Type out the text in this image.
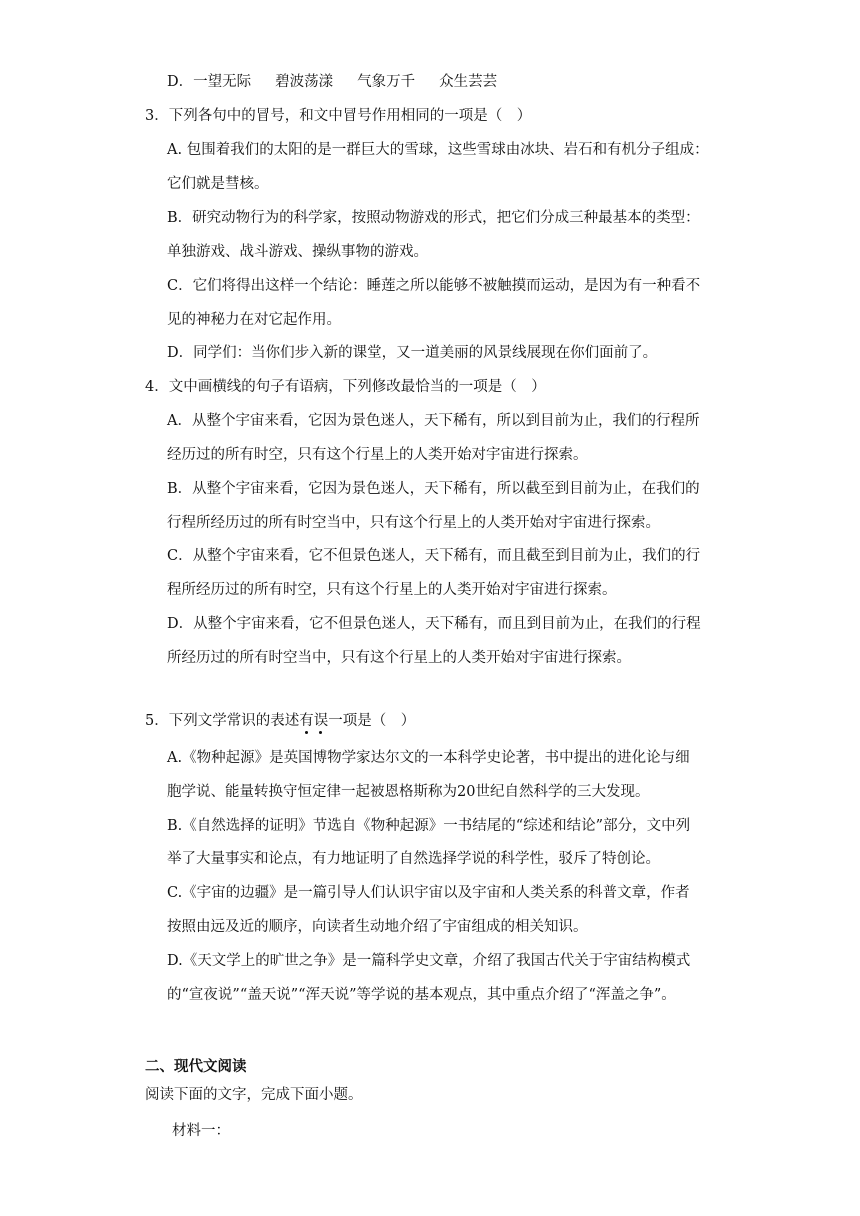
D．一望无际 碧波荡漾 气象万千 众生芸芸
3．下列各句中的冒号，和文中冒号作用相同的一项是（　）
A. 包围着我们的太阳的是一群巨大的雪球，这些雪球由冰块、岩石和有机分子组成：
它们就是彗核。
B．研究动物行为的科学家，按照动物游戏的形式，把它们分成三种最基本的类型：
单独游戏、战斗游戏、操纵事物的游戏。
C．它们将得出这样一个结论：睡莲之所以能够不被触摸而运动，是因为有一种看不
见的神秘力在对它起作用。
D．同学们：当你们步入新的课堂，又一道美丽的风景线展现在你们面前了。
4．文中画横线的句子有语病，下列修改最恰当的一项是（　）
A．从整个宇宙来看，它因为景色迷人，天下稀有，所以到目前为止，我们的行程所
经历过的所有时空，只有这个行星上的人类开始对宇宙进行探索。
B．从整个宇宙来看，它因为景色迷人，天下稀有，所以截至到目前为止，在我们的
行程所经历过的所有时空当中，只有这个行星上的人类开始对宇宙进行探索。
C．从整个宇宙来看，它不但景色迷人，天下稀有，而且截至到目前为止，我们的行
程所经历过的所有时空，只有这个行星上的人类开始对宇宙进行探索。
D．从整个宇宙来看，它不但景色迷人，天下稀有，而且到目前为止，在我们的行程
所经历过的所有时空当中，只有这个行星上的人类开始对宇宙进行探索。
5．下列文学常识的表述有误一项是（　）
A.《物种起源》是英国博物学家达尔文的一本科学史论著，书中提出的进化论与细
胞学说、能量转换守恒定律一起被恩格斯称为20世纪自然科学的三大发现。
B.《自然选择的证明》节选自《物种起源》一书结尾的“综述和结论”部分，文中列
举了大量事实和论点，有力地证明了自然选择学说的科学性，驳斥了特创论。
C.《宇宙的边疆》是一篇引导人们认识宇宙以及宇宙和人类关系的科普文章，作者
按照由远及近的顺序，向读者生动地介绍了宇宙组成的相关知识。
D.《天文学上的旷世之争》是一篇科学史文章，介绍了我国古代关于宇宙结构模式
的“宣夜说”“盖天说”“浑天说”等学说的基本观点，其中重点介绍了“浑盖之争”。
二、现代文阅读
阅读下面的文字，完成下面小题。
材料一：
